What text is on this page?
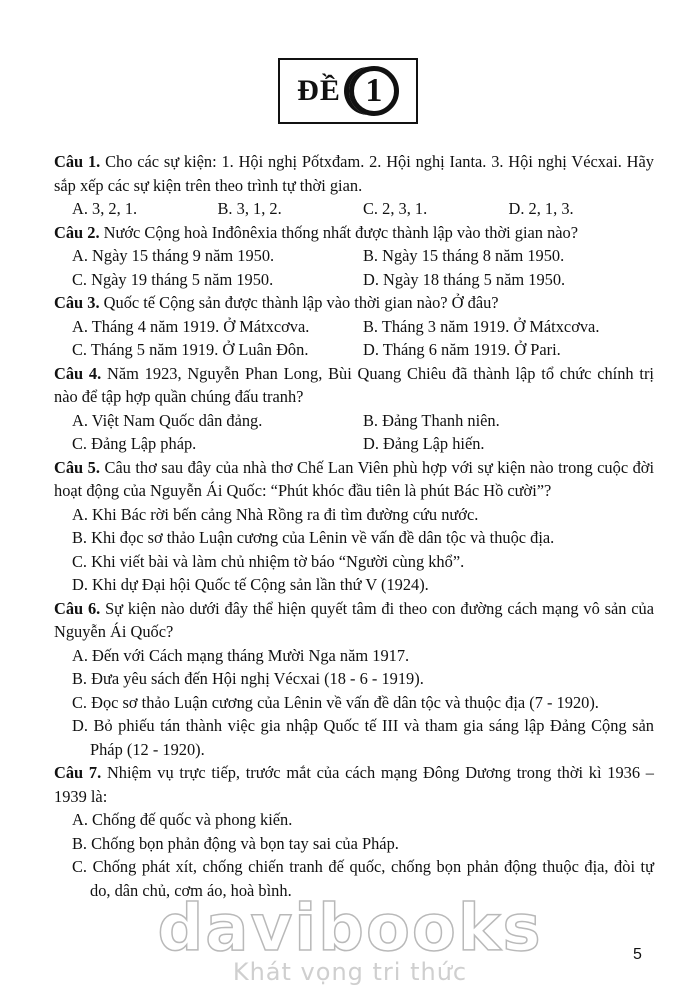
ĐỀ 1

Câu 1. Cho các sự kiện: 1. Hội nghị Pốtxđam. 2. Hội nghị Ianta. 3. Hội nghị Vécxai. Hãy sắp xếp các sự kiện trên theo trình tự thời gian.

A. 3, 2, 1.	B. 3, 1, 2.	C. 2, 3, 1.	D. 2, 1, 3.

Câu 2. Nước Cộng hoà Inđônêxia thống nhất được thành lập vào thời gian nào?

A. Ngày 15 tháng 9 năm 1950.	B. Ngày 15 tháng 8 năm 1950.
C. Ngày 19 tháng 5 năm 1950.	D. Ngày 18 tháng 5 năm 1950.

Câu 3. Quốc tế Cộng sản được thành lập vào thời gian nào? Ở đâu?

A. Tháng 4 năm 1919. Ở Mátxcơva.	B. Tháng 3 năm 1919. Ở Mátxcơva.
C. Tháng 5 năm 1919. Ở Luân Đôn.	D. Tháng 6 năm 1919. Ở Pari.

Câu 4. Năm 1923, Nguyễn Phan Long, Bùi Quang Chiêu đã thành lập tổ chức chính trị nào để tập hợp quần chúng đấu tranh?

A. Việt Nam Quốc dân đảng.	B. Đảng Thanh niên.
C. Đảng Lập pháp.	D. Đảng Lập hiến.

Câu 5. Câu thơ sau đây của nhà thơ Chế Lan Viên phù hợp với sự kiện nào trong cuộc đời hoạt động của Nguyễn Ái Quốc: “Phút khóc đầu tiên là phút Bác Hồ cười”?

A. Khi Bác rời bến cảng Nhà Rồng ra đi tìm đường cứu nước.
B. Khi đọc sơ thảo Luận cương của Lênin về vấn đề dân tộc và thuộc địa.
C. Khi viết bài và làm chủ nhiệm tờ báo “Người cùng khổ”.
D. Khi dự Đại hội Quốc tế Cộng sản lần thứ V (1924).

Câu 6. Sự kiện nào dưới đây thể hiện quyết tâm đi theo con đường cách mạng vô sản của Nguyễn Ái Quốc?

A. Đến với Cách mạng tháng Mười Nga năm 1917.
B. Đưa yêu sách đến Hội nghị Vécxai (18 - 6 - 1919).
C. Đọc sơ thảo Luận cương của Lênin về vấn đề dân tộc và thuộc địa (7 - 1920).
D. Bỏ phiếu tán thành việc gia nhập Quốc tế III và tham gia sáng lập Đảng Cộng sản Pháp (12 - 1920).

Câu 7. Nhiệm vụ trực tiếp, trước mắt của cách mạng Đông Dương trong thời kì 1936 – 1939 là:

A. Chống đế quốc và phong kiến.
B. Chống bọn phản động và bọn tay sai của Pháp.
C. Chống phát xít, chống chiến tranh đế quốc, chống bọn phản động thuộc địa, đòi tự do, dân chủ, cơm áo, hoà bình.
davibooks
Khát vọng tri thức
5
